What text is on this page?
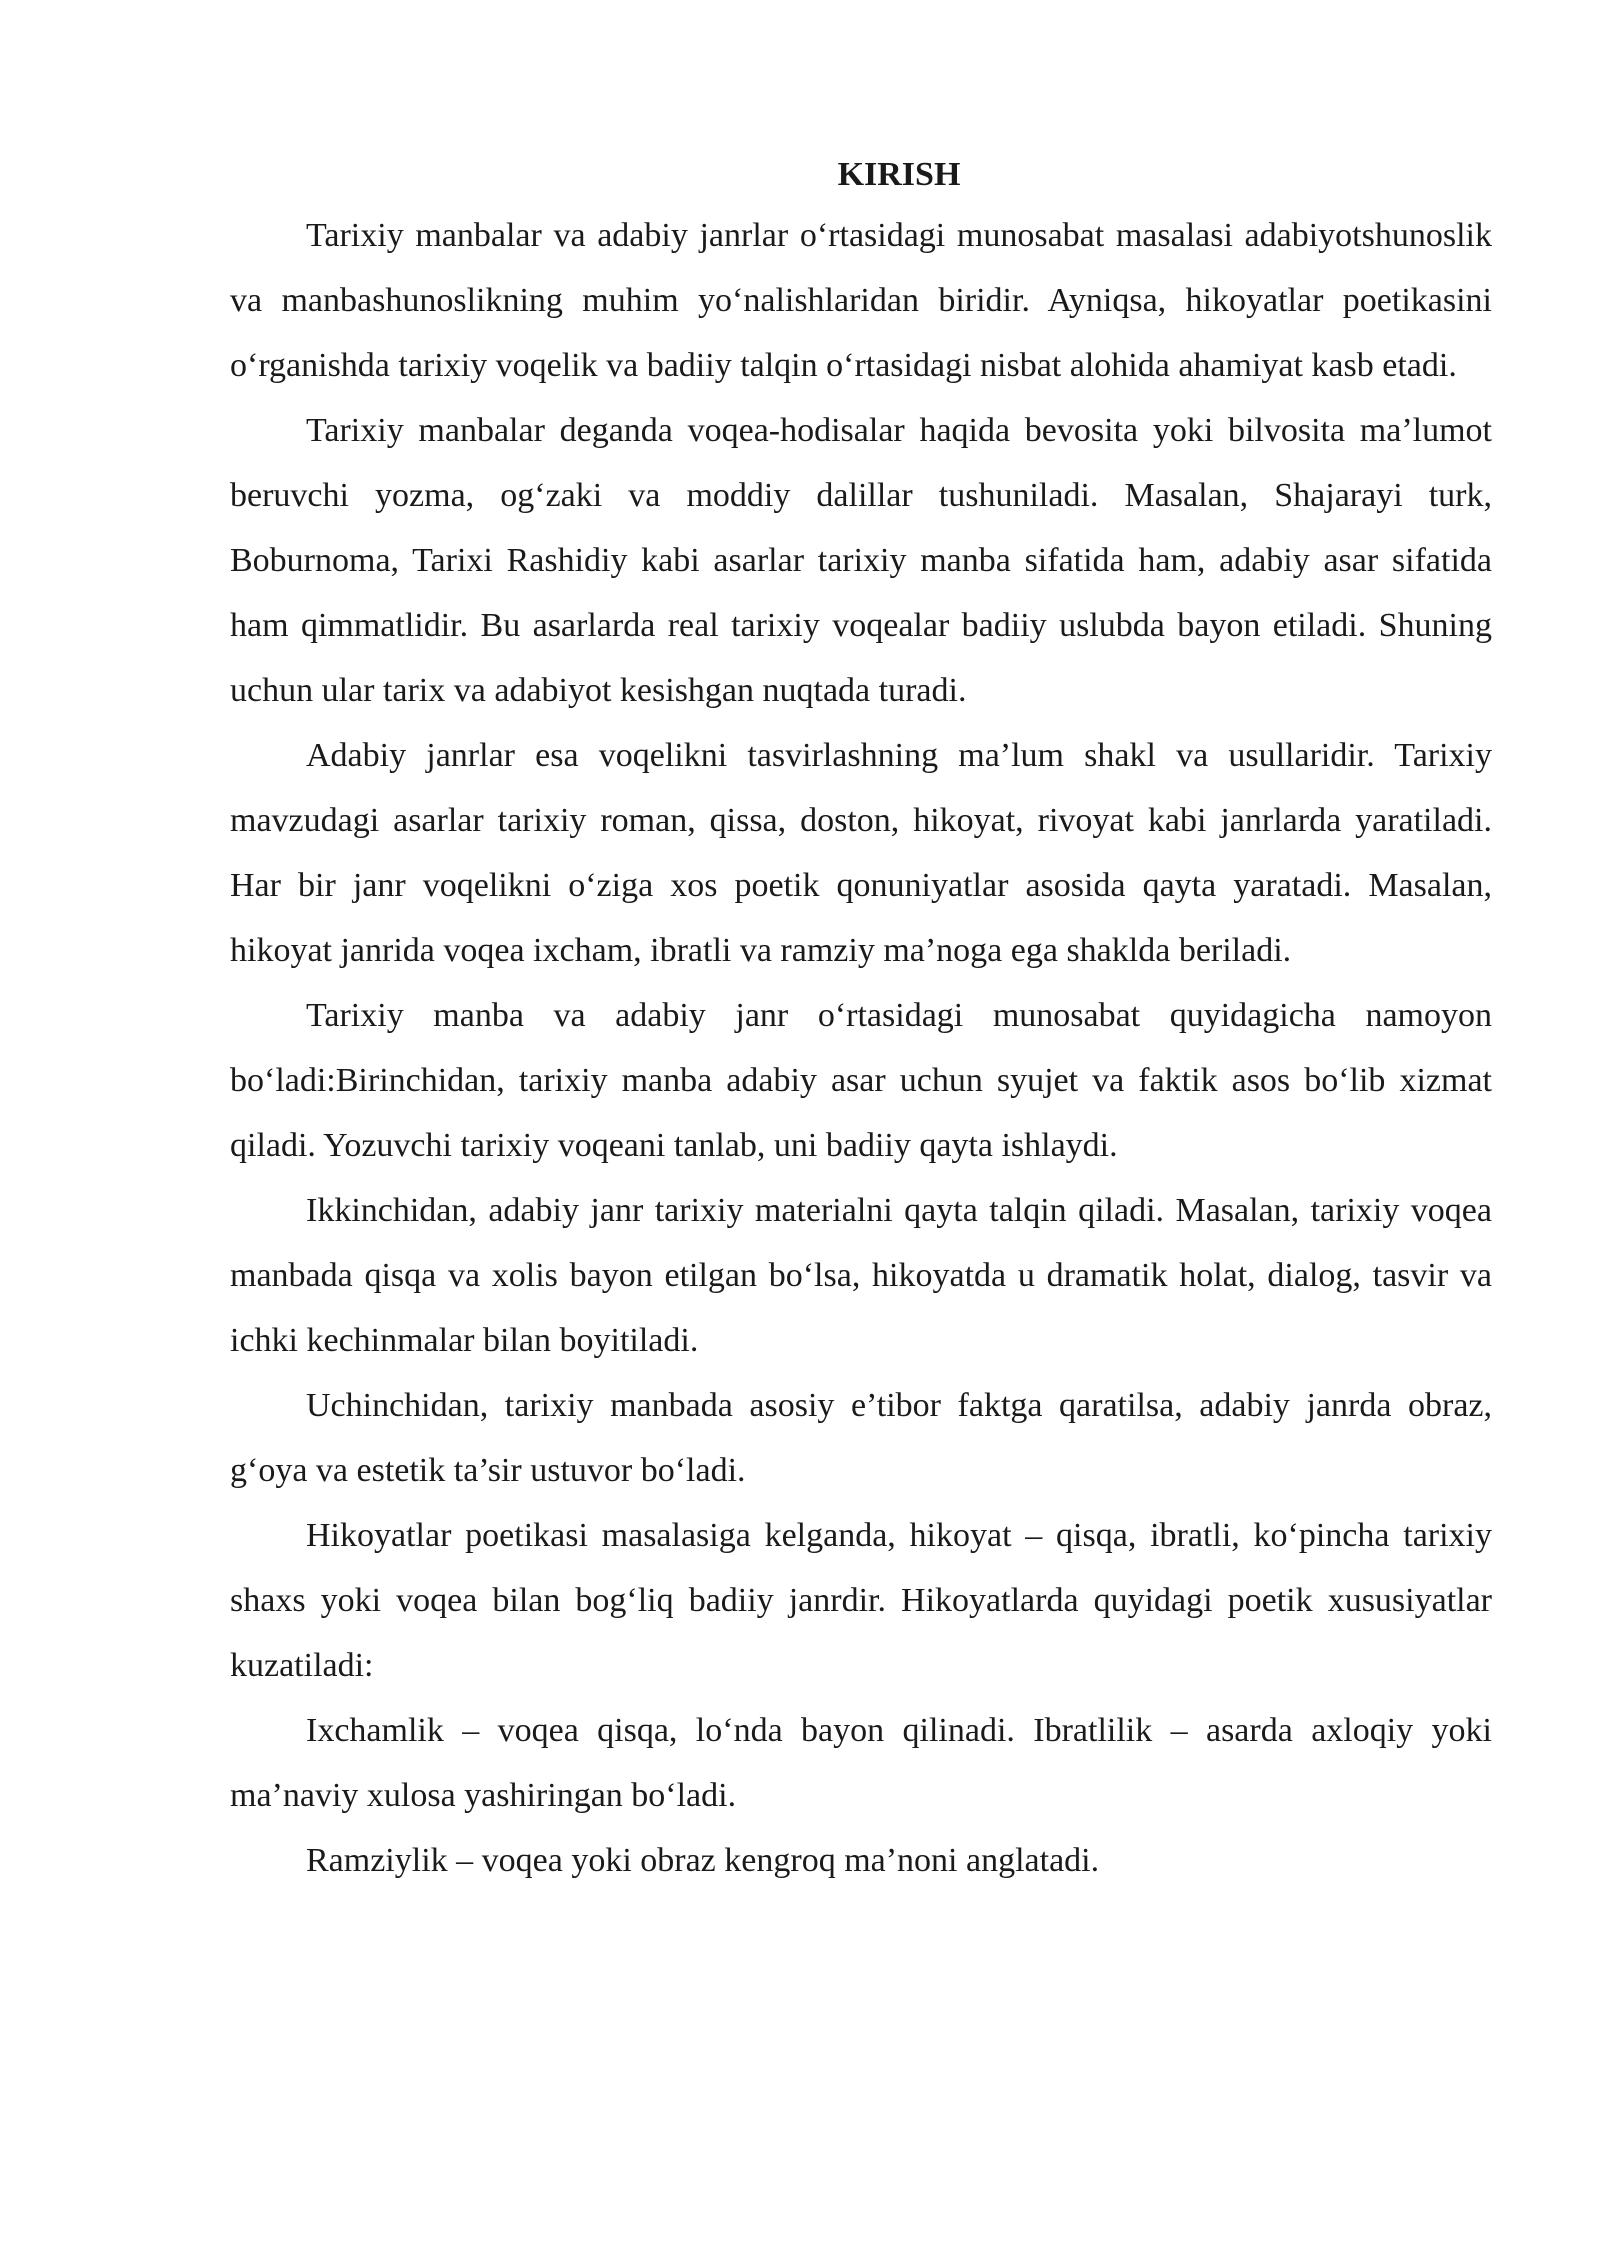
KIRISH

Tarixiy manbalar va adabiy janrlar o‘rtasidagi munosabat masalasi adabiyotshunoslik va manbashunoslikning muhim yo‘nalishlaridan biridir. Ayniqsa, hikoyatlar poetikasini o‘rganishda tarixiy voqelik va badiiy talqin o‘rtasidagi nisbat alohida ahamiyat kasb etadi.

Tarixiy manbalar deganda voqea-hodisalar haqida bevosita yoki bilvosita ma’lumot beruvchi yozma, og‘zaki va moddiy dalillar tushuniladi. Masalan, Shajarayi turk, Boburnoma, Tarixi Rashidiy kabi asarlar tarixiy manba sifatida ham, adabiy asar sifatida ham qimmatlidir. Bu asarlarda real tarixiy voqealar badiiy uslubda bayon etiladi. Shuning uchun ular tarix va adabiyot kesishgan nuqtada turadi.

Adabiy janrlar esa voqelikni tasvirlashning ma’lum shakl va usullaridir. Tarixiy mavzudagi asarlar tarixiy roman, qissa, doston, hikoyat, rivoyat kabi janrlarda yaratiladi. Har bir janr voqelikni o‘ziga xos poetik qonuniyatlar asosida qayta yaratadi. Masalan, hikoyat janrida voqea ixcham, ibratli va ramziy ma’noga ega shaklda beriladi.

Tarixiy manba va adabiy janr o‘rtasidagi munosabat quyidagicha namoyon bo‘ladi:Birinchidan, tarixiy manba adabiy asar uchun syujet va faktik asos bo‘lib xizmat qiladi. Yozuvchi tarixiy voqeani tanlab, uni badiiy qayta ishlaydi.

Ikkinchidan, adabiy janr tarixiy materialni qayta talqin qiladi. Masalan, tarixiy voqea manbada qisqa va xolis bayon etilgan bo‘lsa, hikoyatda u dramatik holat, dialog, tasvir va ichki kechinmalar bilan boyitiladi.

Uchinchidan, tarixiy manbada asosiy e’tibor faktga qaratilsa, adabiy janrda obraz, g‘oya va estetik ta’sir ustuvor bo‘ladi.

Hikoyatlar poetikasi masalasiga kelganda, hikoyat – qisqa, ibratli, ko‘pincha tarixiy shaxs yoki voqea bilan bog‘liq badiiy janrdir. Hikoyatlarda quyidagi poetik xususiyatlar kuzatiladi:

Ixchamlik – voqea qisqa, lo‘nda bayon qilinadi. Ibratlilik – asarda axloqiy yoki ma’naviy xulosa yashiringan bo‘ladi.

Ramziylik – voqea yoki obraz kengroq ma’noni anglatadi.
